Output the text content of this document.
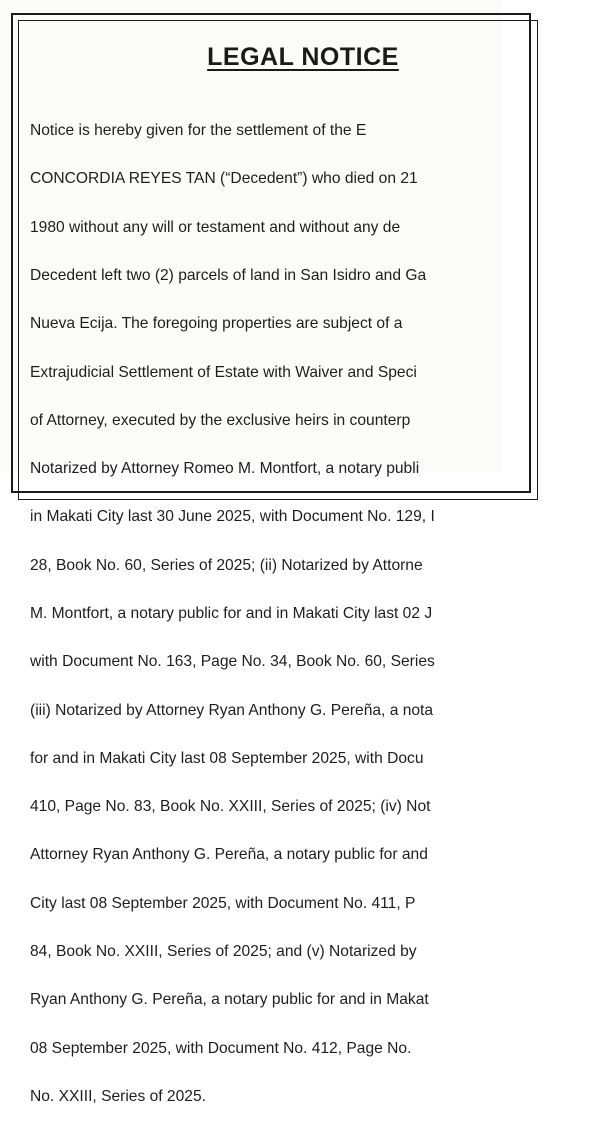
LEGAL NOTICE

Notice is hereby given for the settlement of the E

CONCORDIA REYES TAN (“Decedent”) who died on 21

1980 without any will or testament and without any de

Decedent left two (2) parcels of land in San Isidro and Ga

Nueva Ecija. The foregoing properties are subject of a

Extrajudicial Settlement of Estate with Waiver and Speci

of Attorney, executed by the exclusive heirs in counterp

Notarized by Attorney Romeo M. Montfort, a notary publi

in Makati City last 30 June 2025, with Document No. 129, I

28, Book No. 60, Series of 2025; (ii) Notarized by Attorne

M. Montfort, a notary public for and in Makati City last 02 J

with Document No. 163, Page No. 34, Book No. 60, Series

(iii) Notarized by Attorney Ryan Anthony G. Pereña, a nota

for and in Makati City last 08 September 2025, with Docu

410, Page No. 83, Book No. XXIII, Series of 2025; (iv) Not

Attorney Ryan Anthony G. Pereña, a notary public for and

City last 08 September 2025, with Document No. 411, P

84, Book No. XXIII, Series of 2025; and (v) Notarized by

Ryan Anthony G. Pereña, a notary public for and in Makat

08 September 2025, with Document No. 412, Page No.

No. XXIII, Series of 2025.
